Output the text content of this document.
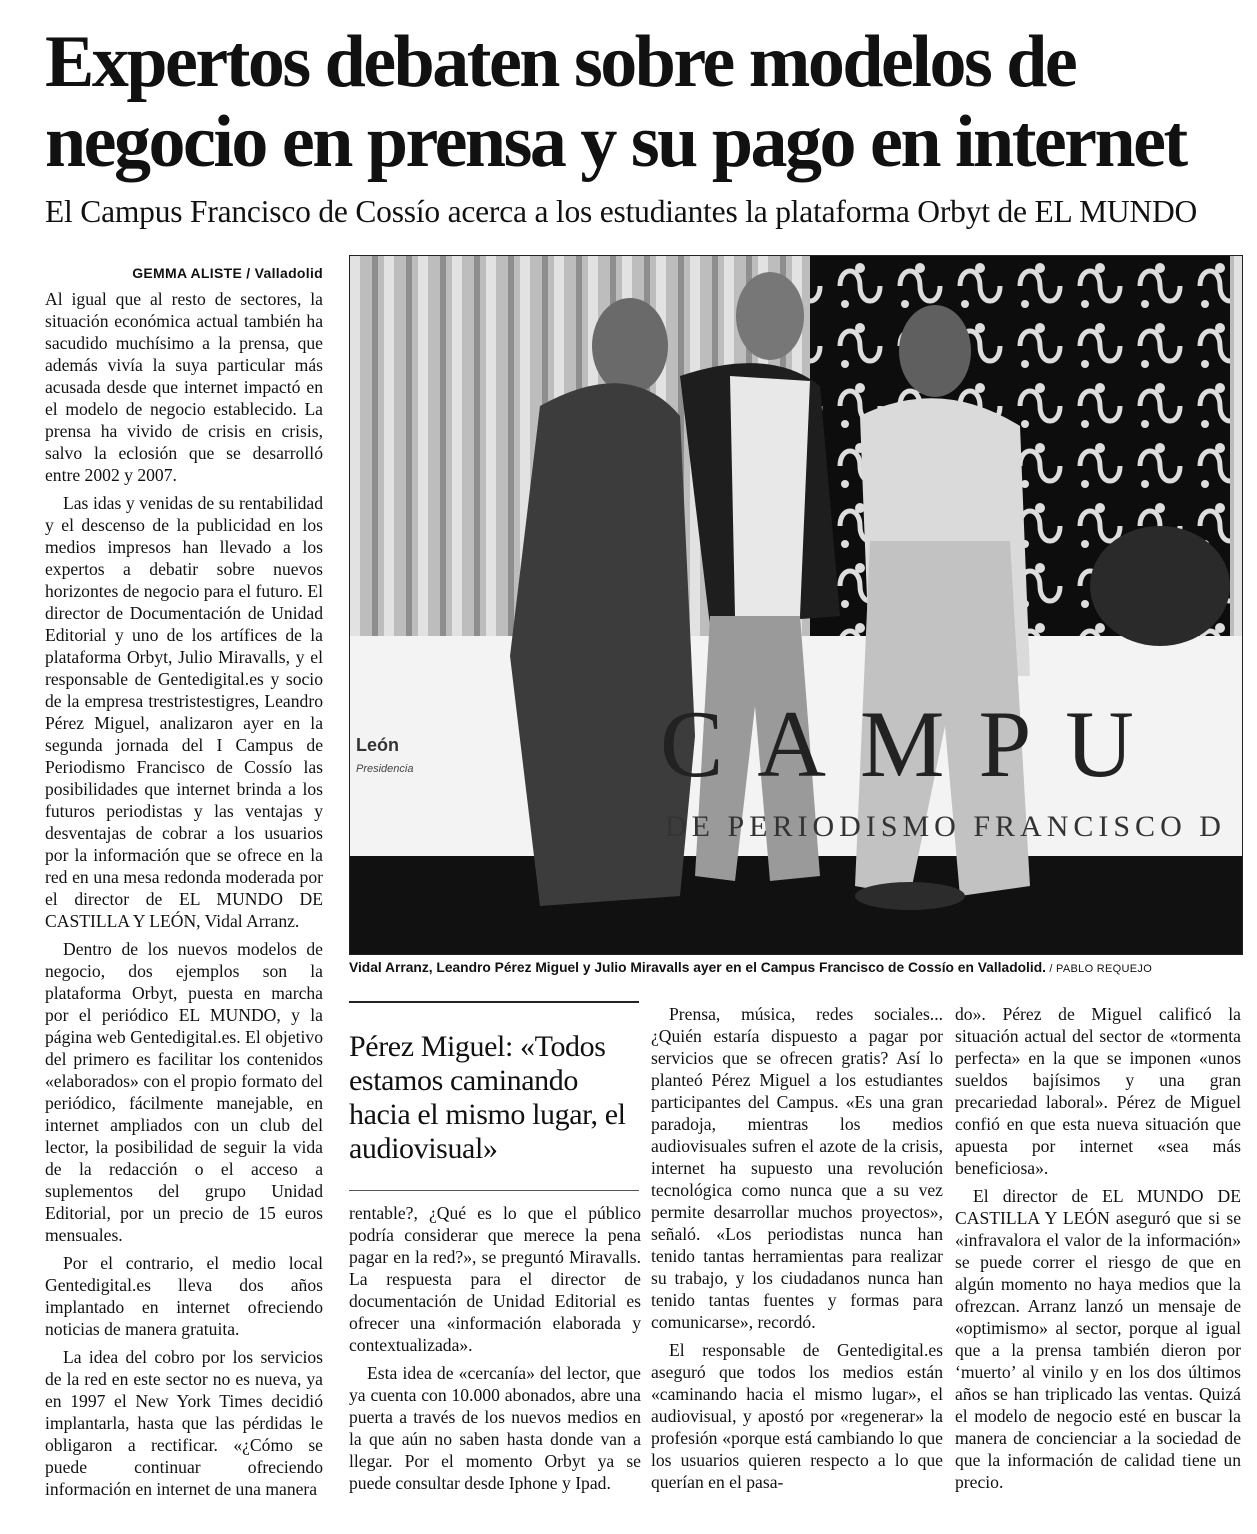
Expertos debaten sobre modelos de
negocio en prensa y su pago en internet
El Campus Francisco de Cossío acerca a los estudiantes la plataforma Orbyt de EL MUNDO
GEMMA ALISTE / Valladolid

Al igual que al resto de sectores, la situación económica actual también ha sacudido muchísimo a la prensa, que además vivía la suya particular más acusada desde que internet impactó en el modelo de negocio establecido. La prensa ha vivido de crisis en crisis, salvo la eclosión que se desarrolló entre 2002 y 2007.

Las idas y venidas de su rentabilidad y el descenso de la publicidad en los medios impresos han llevado a los expertos a debatir sobre nuevos horizontes de negocio para el futuro. El director de Documentación de Unidad Editorial y uno de los artífices de la plataforma Orbyt, Julio Miravalls, y el responsable de Gentedigital.es y socio de la empresa trestristestigres, Leandro Pérez Miguel, analizaron ayer en la segunda jornada del I Campus de Periodismo Francisco de Cossío las posibilidades que internet brinda a los futuros periodistas y las ventajas y desventajas de cobrar a los usuarios por la información que se ofrece en la red en una mesa redonda moderada por el director de EL MUNDO DE CASTILLA Y LEÓN, Vidal Arranz.

Dentro de los nuevos modelos de negocio, dos ejemplos son la plataforma Orbyt, puesta en marcha por el periódico EL MUNDO, y la página web Gentedigital.es. El objetivo del primero es facilitar los contenidos «elaborados» con el propio formato del periódico, fácilmente manejable, en internet ampliados con un club del lector, la posibilidad de seguir la vida de la redacción o el acceso a suplementos del grupo Unidad Editorial, por un precio de 15 euros mensuales.

Por el contrario, el medio local Gentedigital.es lleva dos años implantado en internet ofreciendo noticias de manera gratuita.

La idea del cobro por los servicios de la red en este sector no es nueva, ya en 1997 el New York Times decidió implantarla, hasta que las pérdidas le obligaron a rectificar. «¿Cómo se puede continuar ofreciendo información en internet de una manera

CAMPU
DE PERIODISMO FRANCISCO D
León
Presidencia
Vidal Arranz, Leandro Pérez Miguel y Julio Miravalls ayer en el Campus Francisco de Cossío en Valladolid. / PABLO REQUEJO
Pérez Miguel: «Todos estamos caminando hacia el mismo lugar, el audiovisual»

rentable?, ¿Qué es lo que el público podría considerar que merece la pena pagar en la red?», se preguntó Miravalls. La respuesta para el director de documentación de Unidad Editorial es ofrecer una «información elaborada y contextualizada».

Esta idea de «cercanía» del lector, que ya cuenta con 10.000 abonados, abre una puerta a través de los nuevos medios en la que aún no saben hasta donde van a llegar. Por el momento Orbyt ya se puede consultar desde Iphone y Ipad.

Prensa, música, redes sociales... ¿Quién estaría dispuesto a pagar por servicios que se ofrecen gratis? Así lo planteó Pérez Miguel a los estudiantes participantes del Campus. «Es una gran paradoja, mientras los medios audiovisuales sufren el azote de la crisis, internet ha supuesto una revolución tecnológica como nunca que a su vez permite desarrollar muchos proyectos», señaló. «Los periodistas nunca han tenido tantas herramientas para realizar su trabajo, y los ciudadanos nunca han tenido tantas fuentes y formas para comunicarse», recordó.

El responsable de Gentedigital.es aseguró que todos los medios están «caminando hacia el mismo lugar», el audiovisual, y apostó por «regenerar» la profesión «porque está cambiando lo que los usuarios quieren respecto a lo que querían en el pasa-

do». Pérez de Miguel calificó la situación actual del sector de «tormenta perfecta» en la que se imponen «unos sueldos bajísimos y una gran precariedad laboral». Pérez de Miguel confió en que esta nueva situación que apuesta por internet «sea más beneficiosa».

El director de EL MUNDO DE CASTILLA Y LEÓN aseguró que si se «infravalora el valor de la información» se puede correr el riesgo de que en algún momento no haya medios que la ofrezcan. Arranz lanzó un mensaje de «optimismo» al sector, porque al igual que a la prensa también dieron por ‘muerto’ al vinilo y en los dos últimos años se han triplicado las ventas. Quizá el modelo de negocio esté en buscar la manera de concienciar a la sociedad de que la información de calidad tiene un precio.
